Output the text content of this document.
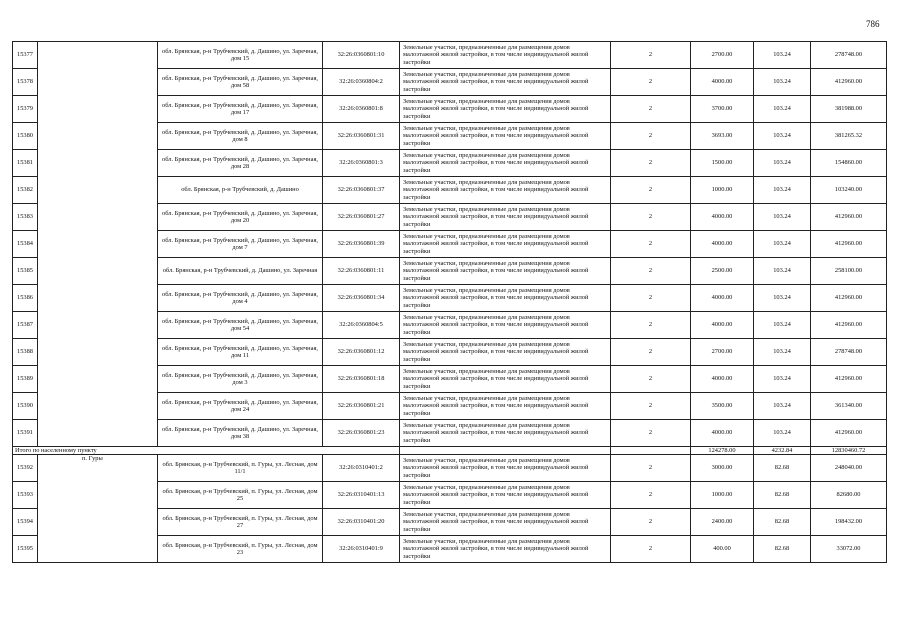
786
15377		обл. Брянская, р-н Трубчевский, д. Дашино, ул. Заречная, дом 15	32:26:0360801:10	Земельные участки, предназначенные для размещения домов малоэтажной жилой застройки, в том числе индивидуальной жилой застройки	2	2700.00	103.24	278748.00
15378		обл. Брянская, р-н Трубчевский, д. Дашино, ул. Заречная, дом 58	32:26:0360804:2	Земельные участки, предназначенные для размещения домов малоэтажной жилой застройки, в том числе индивидуальной жилой застройки	2	4000.00	103.24	412960.00
15379		обл. Брянская, р-н Трубчевский, д. Дашино, ул. Заречная, дом 17	32:26:0360801:8	Земельные участки, предназначенные для размещения домов малоэтажной жилой застройки, в том числе индивидуальной жилой застройки	2	3700.00	103.24	381988.00
15380		обл. Брянская, р-н Трубчевский, д. Дашино, ул. Заречная, дом 8	32:26:0360801:31	Земельные участки, предназначенные для размещения домов малоэтажной жилой застройки, в том числе индивидуальной жилой застройки	2	3693.00	103.24	381265.32
15381		обл. Брянская, р-н Трубчевский, д. Дашино, ул. Заречная, дом 28	32:26:0360801:3	Земельные участки, предназначенные для размещения домов малоэтажной жилой застройки, в том числе индивидуальной жилой застройки	2	1500.00	103.24	154860.00
15382		обл. Брянская, р-н Трубчевский, д. Дашино	32:26:0360801:37	Земельные участки, предназначенные для размещения домов малоэтажной жилой застройки, в том числе индивидуальной жилой застройки	2	1000.00	103.24	103240.00
15383		обл. Брянская, р-н Трубчевский, д. Дашино, ул. Заречная, дом 20	32:26:0360801:27	Земельные участки, предназначенные для размещения домов малоэтажной жилой застройки, в том числе индивидуальной жилой застройки	2	4000.00	103.24	412960.00
15384		обл. Брянская, р-н Трубчевский, д. Дашино, ул. Заречная, дом 7	32:26:0360801:39	Земельные участки, предназначенные для размещения домов малоэтажной жилой застройки, в том числе индивидуальной жилой застройки	2	4000.00	103.24	412960.00
15385		обл. Брянская, р-н Трубчевский, д. Дашино, ул. Заречная	32:26:0360801:11	Земельные участки, предназначенные для размещения домов малоэтажной жилой застройки, в том числе индивидуальной жилой застройки	2	2500.00	103.24	258100.00
15386		обл. Брянская, р-н Трубчевский, д. Дашино, ул. Заречная, дом 4	32:26:0360801:34	Земельные участки, предназначенные для размещения домов малоэтажной жилой застройки, в том числе индивидуальной жилой застройки	2	4000.00	103.24	412960.00
15387		обл. Брянская, р-н Трубчевский, д. Дашино, ул. Заречная, дом 54	32:26:0360804:5	Земельные участки, предназначенные для размещения домов малоэтажной жилой застройки, в том числе индивидуальной жилой застройки	2	4000.00	103.24	412960.00
15388		обл. Брянская, р-н Трубчевский, д. Дашино, ул. Заречная, дом 11	32:26:0360801:12	Земельные участки, предназначенные для размещения домов малоэтажной жилой застройки, в том числе индивидуальной жилой застройки	2	2700.00	103.24	278748.00
15389		обл. Брянская, р-н Трубчевский, д. Дашино, ул. Заречная, дом 3	32:26:0360801:18	Земельные участки, предназначенные для размещения домов малоэтажной жилой застройки, в том числе индивидуальной жилой застройки	2	4000.00	103.24	412960.00
15390		обл. Брянская, р-н Трубчевский, д. Дашино, ул. Заречная, дом 24	32:26:0360801:21	Земельные участки, предназначенные для размещения домов малоэтажной жилой застройки, в том числе индивидуальной жилой застройки	2	3500.00	103.24	361340.00
15391		обл. Брянская, р-н Трубчевский, д. Дашино, ул. Заречная, дом 38	32:26:0360801:23	Земельные участки, предназначенные для размещения домов малоэтажной жилой застройки, в том числе индивидуальной жилой застройки	2	4000.00	103.24	412960.00
Итого по населенному пункту						124278.00	4232.84	12830460.72
15392	п. Гуры	обл. Брянская, р-н Трубчевский, п. Гуры, ул. Лесная, дом 11/1	32:26:0310401:2	Земельные участки, предназначенные для размещения домов малоэтажной жилой застройки, в том числе индивидуальной жилой застройки	2	3000.00	82.68	248040.00
15393		обл. Брянская, р-н Трубчевский, п. Гуры, ул. Лесная, дом 25	32:26:0310401:13	Земельные участки, предназначенные для размещения домов малоэтажной жилой застройки, в том числе индивидуальной жилой застройки	2	1000.00	82.68	82680.00
15394		обл. Брянская, р-н Трубчевский, п. Гуры, ул. Лесная, дом 27	32:26:0310401:20	Земельные участки, предназначенные для размещения домов малоэтажной жилой застройки, в том числе индивидуальной жилой застройки	2	2400.00	82.68	198432.00
15395		обл. Брянская, р-н Трубчевский, п. Гуры, ул. Лесная, дом 23	32:26:0310401:9	Земельные участки, предназначенные для размещения домов малоэтажной жилой застройки, в том числе индивидуальной жилой застройки	2	400.00	82.68	33072.00
